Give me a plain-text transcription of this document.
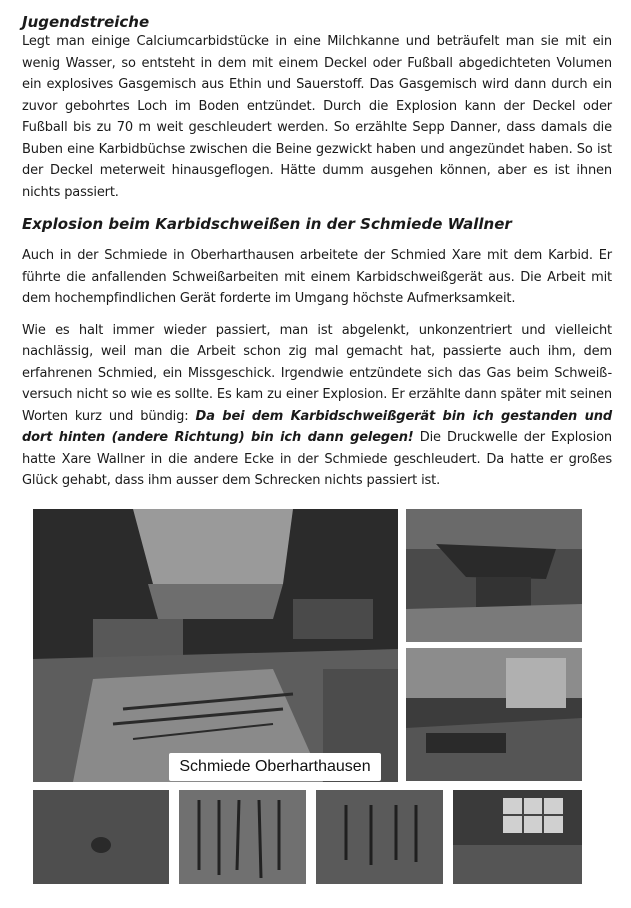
Jugendstreiche

Legt man einige Calciumcarbidstücke in eine Milchkanne und beträufelt man sie mit ein wenig Wasser, so entsteht in dem mit einem Deckel oder Fußball abgedichteten Volumen ein explosives Gasgemisch aus Ethin und Sauerstoff. Das Gasgemisch wird dann durch ein zuvor gebohrtes Loch im Boden entzündet. Durch die Explosion kann der Deckel oder Fußball bis zu 70 m weit geschleudert werden. So erzählte Sepp Danner, dass damals die Buben eine Karbidbüchse zwischen die Beine gezwickt haben und angezündet haben. So ist der Deckel meterweit hinausgeflogen. Hätte dumm ausgehen können, aber es ist ihnen nichts passiert.

Explosion beim Karbidschweißen in der Schmiede Wallner

Auch in der Schmiede in Oberharthausen arbeitete der Schmied Xare mit dem Karbid. Er führte die anfallenden Schweißarbeiten mit einem Karbidschweißgerät aus. Die Arbeit mit dem hochempfindlichen Gerät forderte im Umgang höchste Aufmerksamkeit.

Wie es halt immer wieder passiert, man ist abgelenkt, unkonzentriert und vielleicht nachlässig, weil man die Arbeit schon zig mal gemacht hat, passierte auch ihm, dem erfahrenen Schmied, ein Missgeschick. Irgendwie entzündete sich das Gas beim Schweiß-versuch nicht so wie es sollte. Es kam zu einer Explosion. Er erzählte dann später mit seinen Worten kurz und bündig: Da bei dem Karbidschweißgerät bin ich gestanden und dort hinten (andere Richtung) bin ich dann gelegen! Die Druckwelle der Explosion hatte Xare Wallner in die andere Ecke in der Schmiede geschleudert. Da hatte er großes Glück gehabt, dass ihm ausser dem Schrecken nichts passiert ist.

Schmiede Oberharthausen
